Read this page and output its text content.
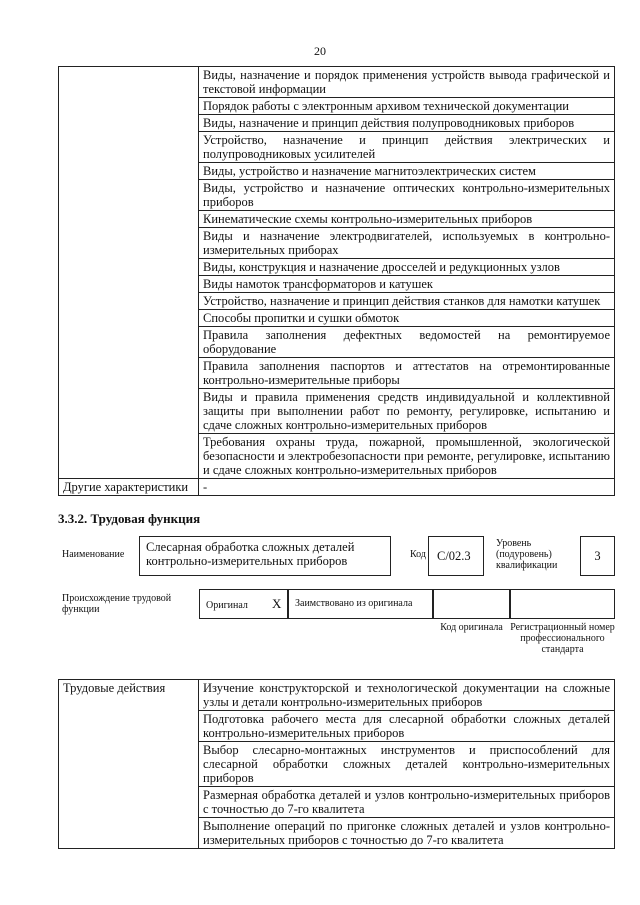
20
	Виды, назначение и порядок применения устройств вывода графической и текстовой информации
	Порядок работы с электронным архивом технической документации
	Виды, назначение и принцип действия полупроводниковых приборов
	Устройство, назначение и принцип действия электрических и полупроводниковых усилителей
	Виды, устройство и назначение магнитоэлектрических систем
	Виды, устройство и назначение оптических контрольно-измерительных приборов
	Кинематические схемы контрольно-измерительных приборов
	Виды и назначение электродвигателей, используемых в контрольно-измерительных приборах
	Виды, конструкция и назначение дросселей и редукционных узлов
	Виды намоток трансформаторов и катушек
	Устройство, назначение и принцип действия станков для намотки катушек
	Способы пропитки и сушки обмоток
	Правила заполнения дефектных ведомостей на ремонтируемое оборудование
	Правила заполнения паспортов и аттестатов на отремонтированные контрольно-измерительные приборы
	Виды и правила применения средств индивидуальной и коллективной защиты при выполнении работ по ремонту, регулировке, испытанию и сдаче сложных контрольно-измерительных приборов
	Требования охраны труда, пожарной, промышленной, экологической безопасности и электробезопасности при ремонте, регулировке, испытанию и сдаче сложных контрольно-измерительных приборов
Другие характеристики	-
3.3.2. Трудовая функция
Наименование
Слесарная обработка сложных деталей контрольно-измерительных приборов	Код C/02.3
Уровень (подуровень) квалификации
3
Происхождение трудовой функции	Оригинал X Заимствовано из оригинала
Код оригинала Регистрационный номер профессионального стандарта
Трудовые действия	Изучение конструкторской и технологической документации на сложные узлы и детали контрольно-измерительных приборов
Подготовка рабочего места для слесарной обработки сложных деталей контрольно-измерительных приборов
Выбор слесарно-монтажных инструментов и приспособлений для слесарной обработки сложных деталей контрольно-измерительных приборов
Размерная обработка деталей и узлов контрольно-измерительных приборов с точностью до 7-го квалитета
Выполнение операций по пригонке сложных деталей и узлов контрольно-измерительных приборов с точностью до 7-го квалитета
